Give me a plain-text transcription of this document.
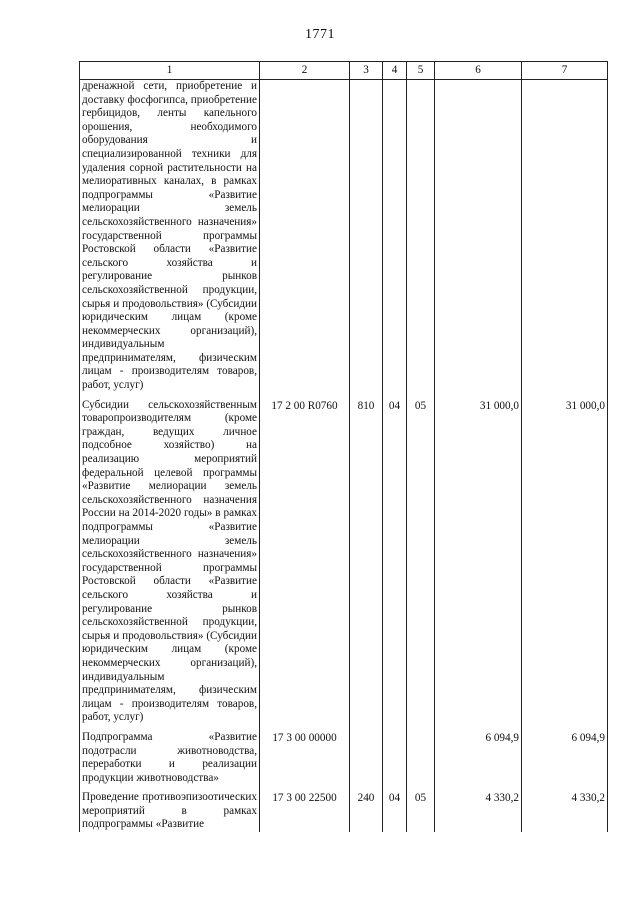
1771
1	2	3	4	5	6	7
дренажной сети, приобретение и доставку фосфогипса, приобретение гербицидов, ленты капельного орошения, необходимого оборудования и специализированной техники для удаления сорной растительности на мелиоративных каналах, в рамках подпрограммы «Развитие мелиорации земель сельскохозяйственного назначения» государственной программы Ростовской области «Развитие сельского хозяйства и регулирование рынков сельскохозяйственной продукции, сырья и продовольствия» (Субсидии юридическим лицам (кроме некоммерческих организаций), индивидуальным предпринимателям, физическим лицам - производителям товаров, работ, услуг)						

Субсидии сельскохозяйственным товаропроизводителям (кроме граждан, ведущих личное подсобное хозяйство) на реализацию мероприятий федеральной целевой программы «Развитие мелиорации земель сельскохозяйственного назначения России на 2014-2020 годы» в рамках подпрограммы «Развитие мелиорации земель сельскохозяйственного назначения» государственной программы Ростовской области «Развитие сельского хозяйства и регулирование рынков сельскохозяйственной продукции, сырья и продовольствия» (Субсидии юридическим лицам (кроме некоммерческих организаций), индивидуальным предпринимателям, физическим лицам - производителям товаров, работ, услуг)	17 2 00 R0760	810	04	05	31 000,0	31 000,0

Подпрограмма «Развитие подотрасли животноводства, переработки и реализации продукции животноводства»	17 3 00 00000				6 094,9	6 094,9

Проведение противоэпизоотических мероприятий в рамках подпрограммы «Развитие	17 3 00 22500	240	04	05	4 330,2	4 330,2
